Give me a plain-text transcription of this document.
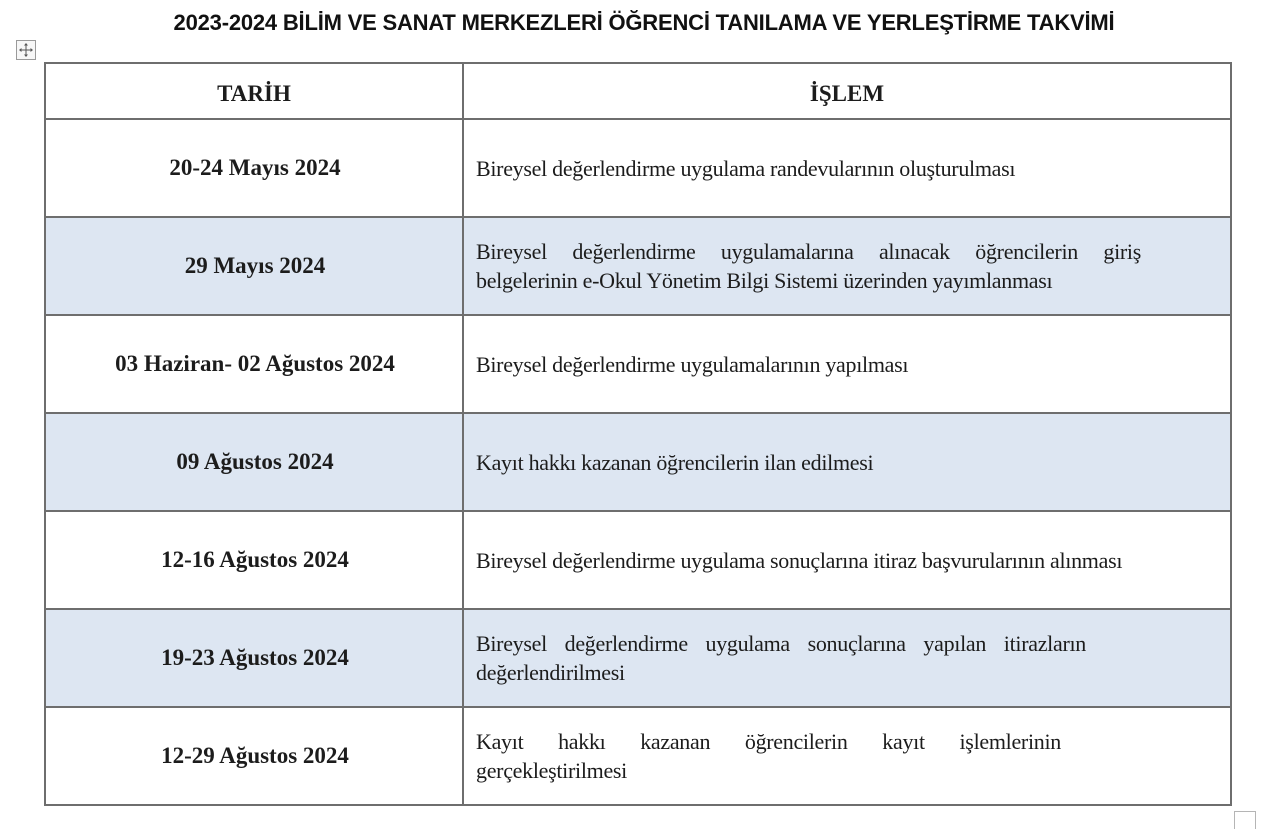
2023-2024 BİLİM VE SANAT MERKEZLERİ ÖĞRENCİ TANILAMA VE YERLEŞTİRME TAKVİMİ
TARİH	İŞLEM
20-24 Mayıs 2024	Bireysel değerlendirme uygulama randevularının oluşturulması
29 Mayıs 2024	Bireysel değerlendirme uygulamalarına alınacak öğrencilerin giriş belgelerinin e-Okul Yönetim Bilgi Sistemi üzerinden yayımlanması

03 Haziran- 02 Ağustos 2024	Bireysel değerlendirme uygulamalarının yapılması
09 Ağustos 2024	Kayıt hakkı kazanan öğrencilerin ilan edilmesi
12-16 Ağustos 2024	Bireysel değerlendirme uygulama sonuçlarına itiraz başvurularının alınması
19-23 Ağustos 2024	Bireysel değerlendirme uygulama sonuçlarına yapılan itirazların değerlendirilmesi

12-29 Ağustos 2024	Kayıt hakkı kazanan öğrencilerin kayıt işlemlerinin gerçekleştirilmesi
